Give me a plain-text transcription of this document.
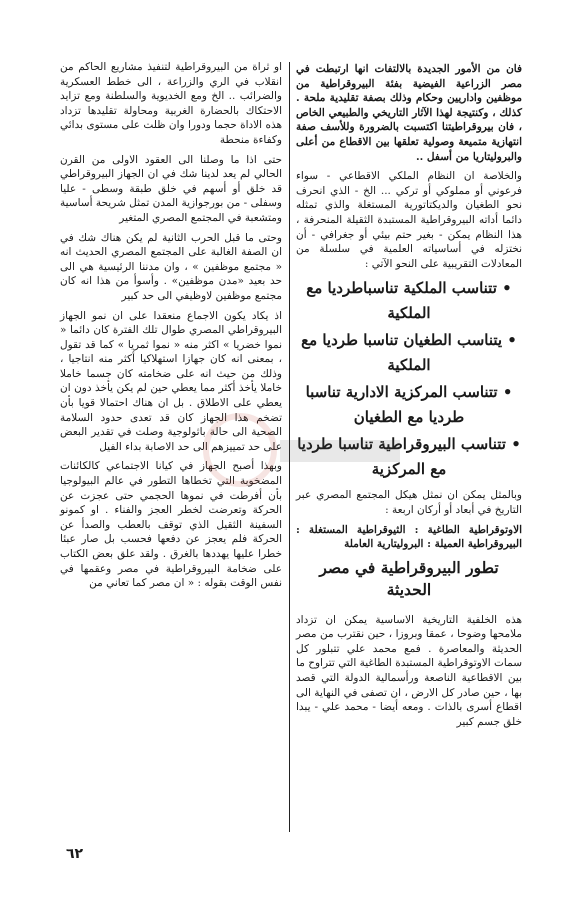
فان من الأمور الجديدة بالالتفات انها ارتبطت في مصر الزراعية الفيضية بفئة البيروقراطية من موظفين واداريين وحكام وذلك بصفة تقليدية ملحة . كذلك ، وكنتيجة لهذا الآثار التاريخي والطبيعي الخاص ، فان بيروقراطيتنا اكتسبت بالضرورة وللأسف صفة انتهازية متميعة وصولية تعلقها بين الاقطاع من أعلى والبروليتاريا من أسفل ..

والخلاصة ان النظام الملكي الاقطاعي - سواء فرعوني أو مملوكي أو تركي ... الخ - الذي انحرف نحو الطغيان والديكتاتورية المستغلة والذي تمثله دائما أداته البيروقراطية المستبدة الثقيلة المنحرفة ، هذا النظام يمكن - بغير حتم بيئي أو جغرافي - أن نختزله في أساسياته العلمية في سلسلة من المعادلات التقريبية على النحو الآتي :

• تتناسب الملكية تناسباطرديا مع الملكية
• يتناسب الطغيان تناسبا طرديا مع الملكية
• تتناسب المركزية الادارية تناسبا طرديا مع الطغيان
• تتناسب البيروقراطية تناسبا طرديا مع المركزية

وبالمثل يمكن ان نمثل هيكل المجتمع المصري عبر التاريخ في أبعاد أو أركان اربعة :

الاوتوقراطية الطاغية : الثيوقراطية المستغلة : البيروقراطية العميلة : البروليتارية العاملة

تطور البيروقراطية في مصر الحديثة

هذه الخلفية التاريخية الاساسية يمكن ان تزداد ملامحها وضوحا ، عمقا وبروزا ، حين نقترب من مصر الحديثة والمعاصرة . فمع محمد علي تتبلور كل سمات الاوتوقراطية المستبدة الطاغية التي تتراوح ما بين الاقطاعية الناصعة ورأسمالية الدولة التي قصد بها ، حين صادر كل الارض ، ان تصفى في النهاية الى اقطاع أسرى بالذات . ومعه أيضا - محمد علي - يبدا خلق جسم كبير

او ثراة من البيروقراطية لتنفيذ مشاريع الحاكم من انقلاب في الري والزراعة ، الى خطط العسكرية والضرائب .. الخ ومع الخديوية والسلطنة ومع تزايد الاحتكاك بالحضارة الغربية ومحاولة تقليدها تزداد هذه الاداة حجما ودورا وان ظلت على مستوى بدائي وكفاءة منحطة

حتى اذا ما وصلنا الى العقود الاولى من القرن الحالي لم يعد لدينا شك في ان الجهاز البيروقراطي قد خلق أو أسهم في خلق طبقة وسطى - عليا وسفلى - من بورجوازية المدن تمثل شريحة أساسية ومتشعبة في المجتمع المصري المتغير

وحتى ما قبل الحرب الثانية لم يكن هناك شك في ان الصفة الغالبة على المجتمع المصري الحديث انه « مجتمع موظفين » ، وان مدننا الرئيسية هي الى حد بعيد «مدن موظفين» . وأسوأ من هذا انه كان مجتمع موظفين لاوظيفي الى حد كبير

اذ يكاد يكون الاجماع منعقدا على ان نمو الجهاز البيروقراطي المصري طوال تلك الفترة كان دائما « نموا خضريا » اكثر منه « نموا ثمريا » كما قد تقول ، بمعنى انه كان جهازا استهلاكيا أكثر منه انتاجيا ، وذلك من حيث انه على ضخامته كان جسما خاملا خاملا يأخذ أكثر مما يعطي حين لم يكن يأخذ دون ان يعطي على الاطلاق . بل ان هناك احتمالا قويا بأن تضخم هذا الجهاز كان قد تعدى حدود السلامة الصحية الى حالة باثولوجية وصلت في تقدير البعض على حد تمييزهم الى حد الاصابة بداء الفيل

وبهذا أصبح الجهاز في كيانا الاجتماعي كالكائنات المضخوبة التي تخطاها التطور في عالم البيولوجيا بأن أفرطت في نموها الحجمي حتى عجزت عن الحركة وتعرضت لخطر العجز والفناء . او كمونو السفينة الثقيل الذي توقف بالعطب والصدأ عن الحركة فلم يعجز عن دفعها فحسب بل صار عبئا خطرا عليها يهددها بالغرق . ولقد علق بعض الكتاب على ضخامة البيروقراطية في مصر وعقمها في نفس الوقت بقوله : « ان مصر كما تعاني من

٦٢
